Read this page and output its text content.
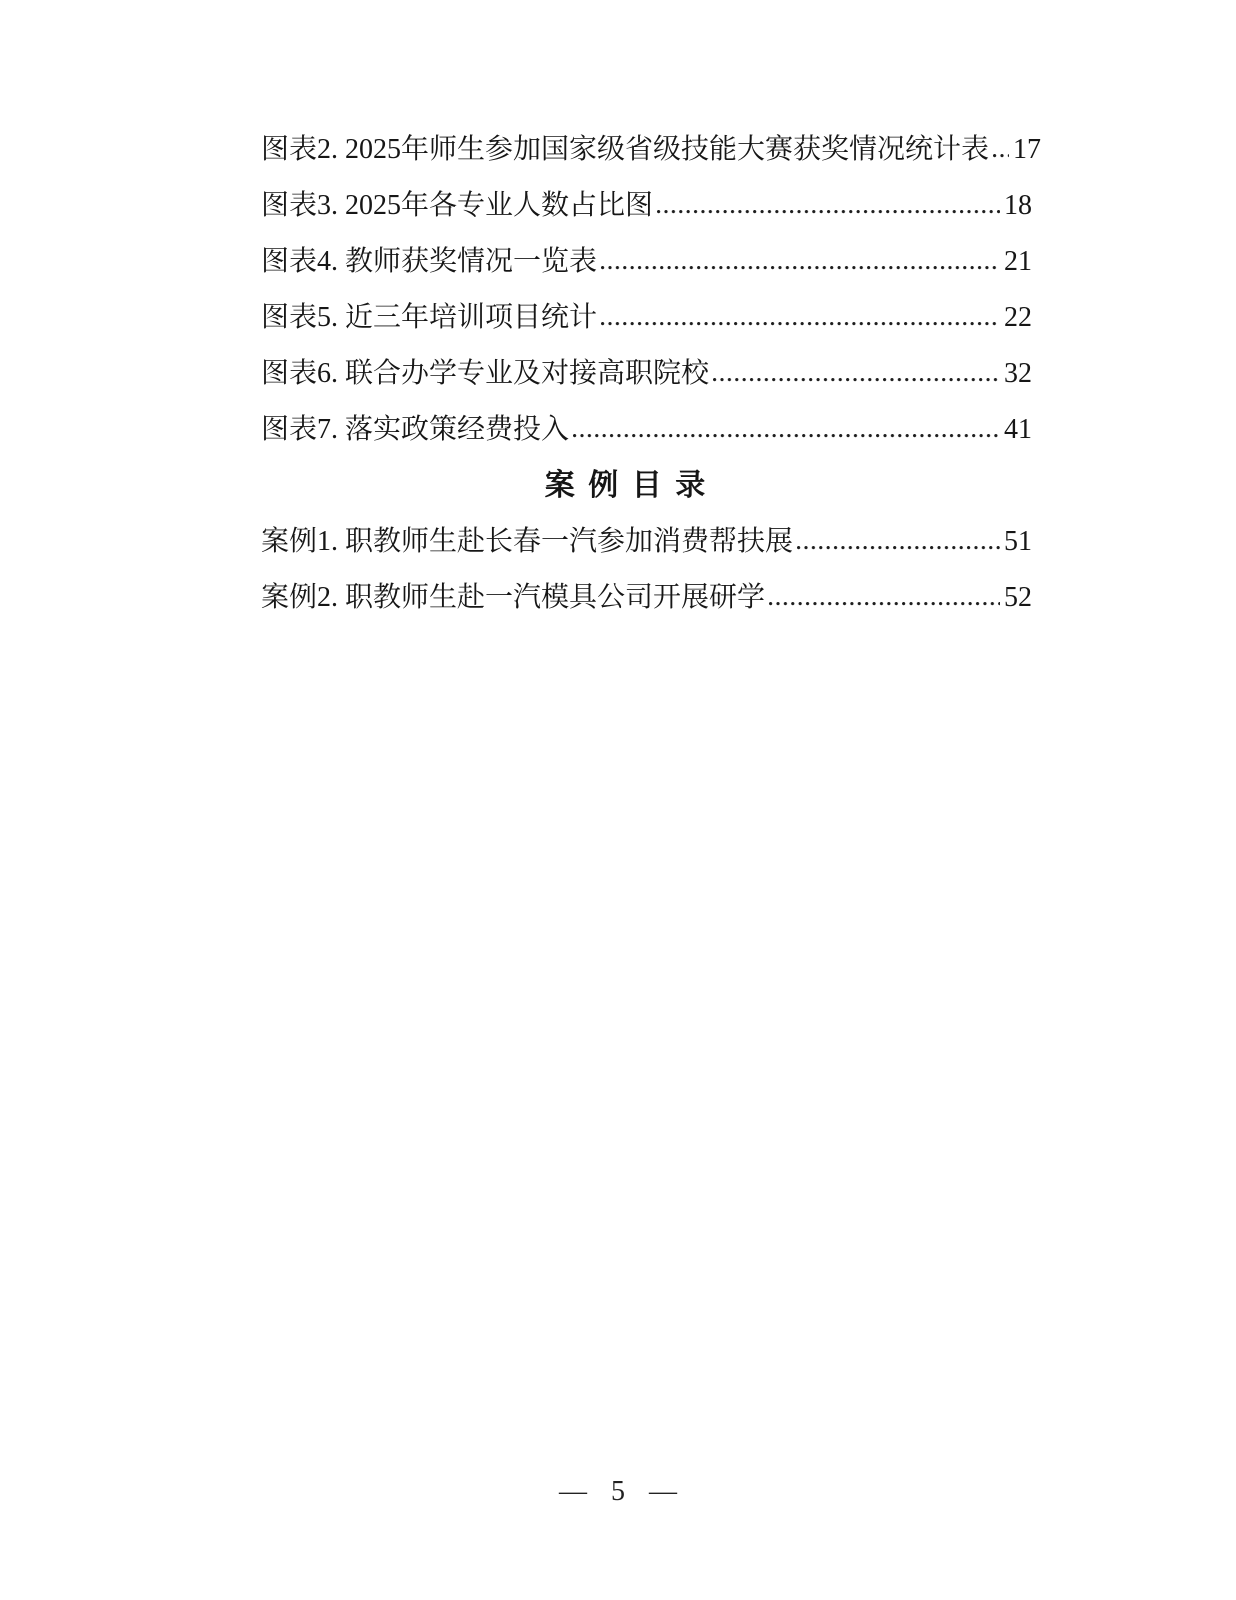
图表2. 2025年师生参加国家级省级技能大赛获奖情况统计表 17
图表3. 2025年各专业人数占比图	18
图表4. 教师获奖情况一览表	21
图表5. 近三年培训项目统计	22
图表6. 联合办学专业及对接高职院校	32
图表7. 落实政策经费投入	41
案 例 目 录
案例1. 职教师生赴长春一汽参加消费帮扶展	51
案例2. 职教师生赴一汽模具公司开展研学	52
— 5 —
